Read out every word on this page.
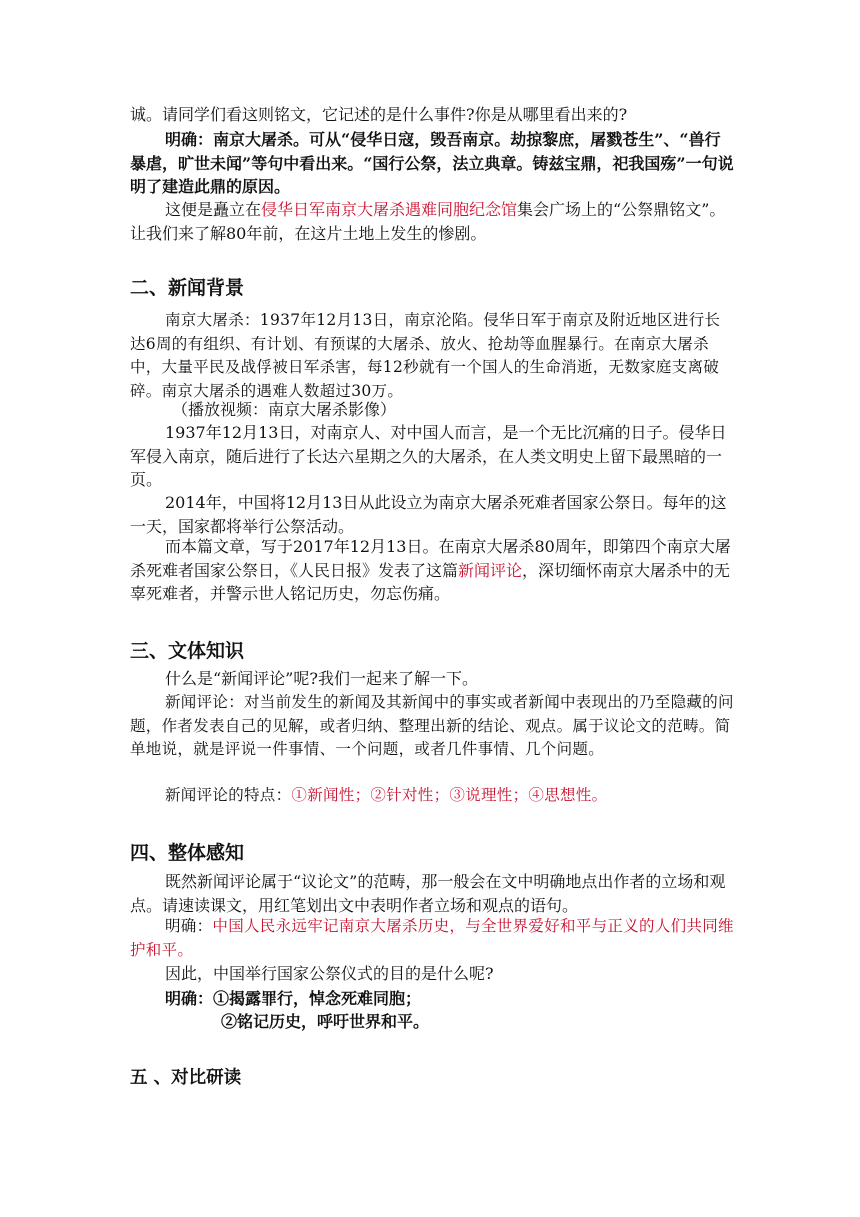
诚。请同学们看这则铭文，它记述的是什么事件?你是从哪里看出来的?
明确：南京大屠杀。可从“侵华日寇，毁吾南京。劫掠黎庶，屠戮苍生”、“兽行暴虐，旷世未闻”等句中看出来。“国行公祭，法立典章。铸兹宝鼎，祀我国殇”一句说明了建造此鼎的原因。
这便是矗立在侵华日军南京大屠杀遇难同胞纪念馆集会广场上的“公祭鼎铭文”。让我们来了解80年前，在这片土地上发生的惨剧。
二、新闻背景
南京大屠杀：1937年12月13日，南京沦陷。侵华日军于南京及附近地区进行长达6周的有组织、有计划、有预谋的大屠杀、放火、抢劫等血腥暴行。在南京大屠杀中，大量平民及战俘被日军杀害，每12秒就有一个国人的生命消逝，无数家庭支离破碎。南京大屠杀的遇难人数超过30万。
（播放视频：南京大屠杀影像）
1937年12月13日，对南京人、对中国人而言，是一个无比沉痛的日子。侵华日军侵入南京，随后进行了长达六星期之久的大屠杀，在人类文明史上留下最黑暗的一页。
2014年，中国将12月13日从此设立为南京大屠杀死难者国家公祭日。每年的这一天，国家都将举行公祭活动。
而本篇文章，写于2017年12月13日。在南京大屠杀80周年，即第四个南京大屠杀死难者国家公祭日，《人民日报》发表了这篇新闻评论，深切缅怀南京大屠杀中的无辜死难者，并警示世人铭记历史，勿忘伤痛。
三、文体知识
什么是“新闻评论”呢?我们一起来了解一下。
新闻评论：对当前发生的新闻及其新闻中的事实或者新闻中表现出的乃至隐藏的问题，作者发表自己的见解，或者归纳、整理出新的结论、观点。属于议论文的范畴。简单地说，就是评说一件事情、一个问题，或者几件事情、几个问题。
新闻评论的特点：①新闻性；②针对性；③说理性；④思想性。
四、整体感知
既然新闻评论属于“议论文”的范畴，那一般会在文中明确地点出作者的立场和观点。请速读课文，用红笔划出文中表明作者立场和观点的语句。
明确：中国人民永远牢记南京大屠杀历史，与全世界爱好和平与正义的人们共同维护和平。
因此，中国举行国家公祭仪式的目的是什么呢?
明确：①揭露罪行，悼念死难同胞；
②铭记历史，呼吁世界和平。
五 、对比研读
